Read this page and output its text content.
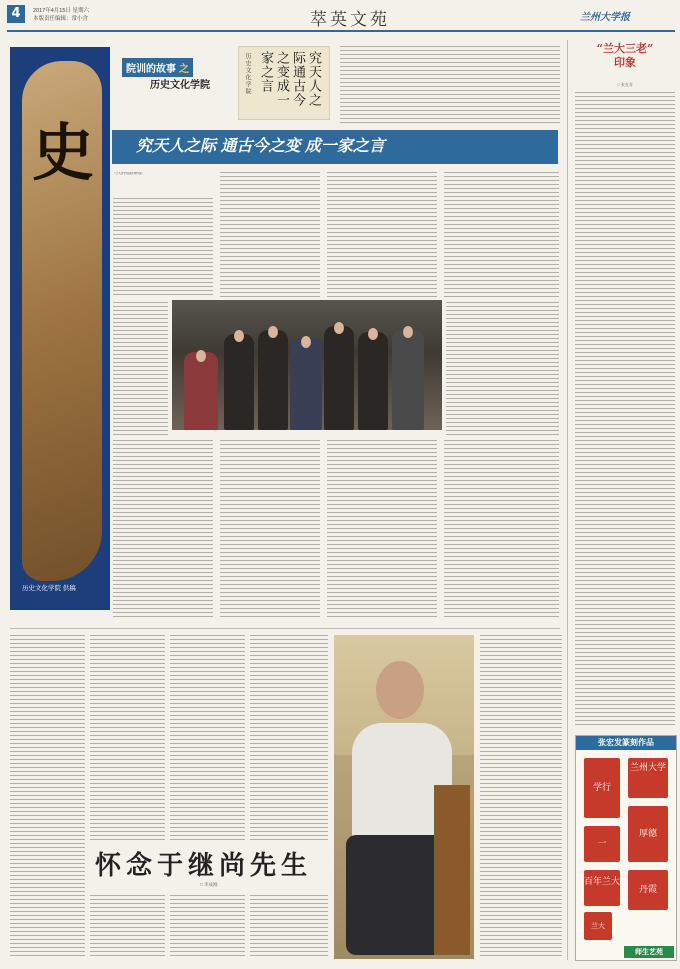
4	2017年4月15日 星期六
本版责任编辑：常小含	萃英文苑	兰州大学报
史
历史文化学院 供稿
院训的故事 之
历史文化学院	究天人之
际通古今
之变成一
家之言
历史文化学院
究天人之际 通古今之变 成一家之言
《兰大历史系的优秀传统》
“兰大三老”
印象
□ 张克非
怀念于继尚先生
□ 李成刚
张宏发篆刻作品
学行
兰州大学
一
厚德
百年兰大
丹霞
兰大
师生艺苑
